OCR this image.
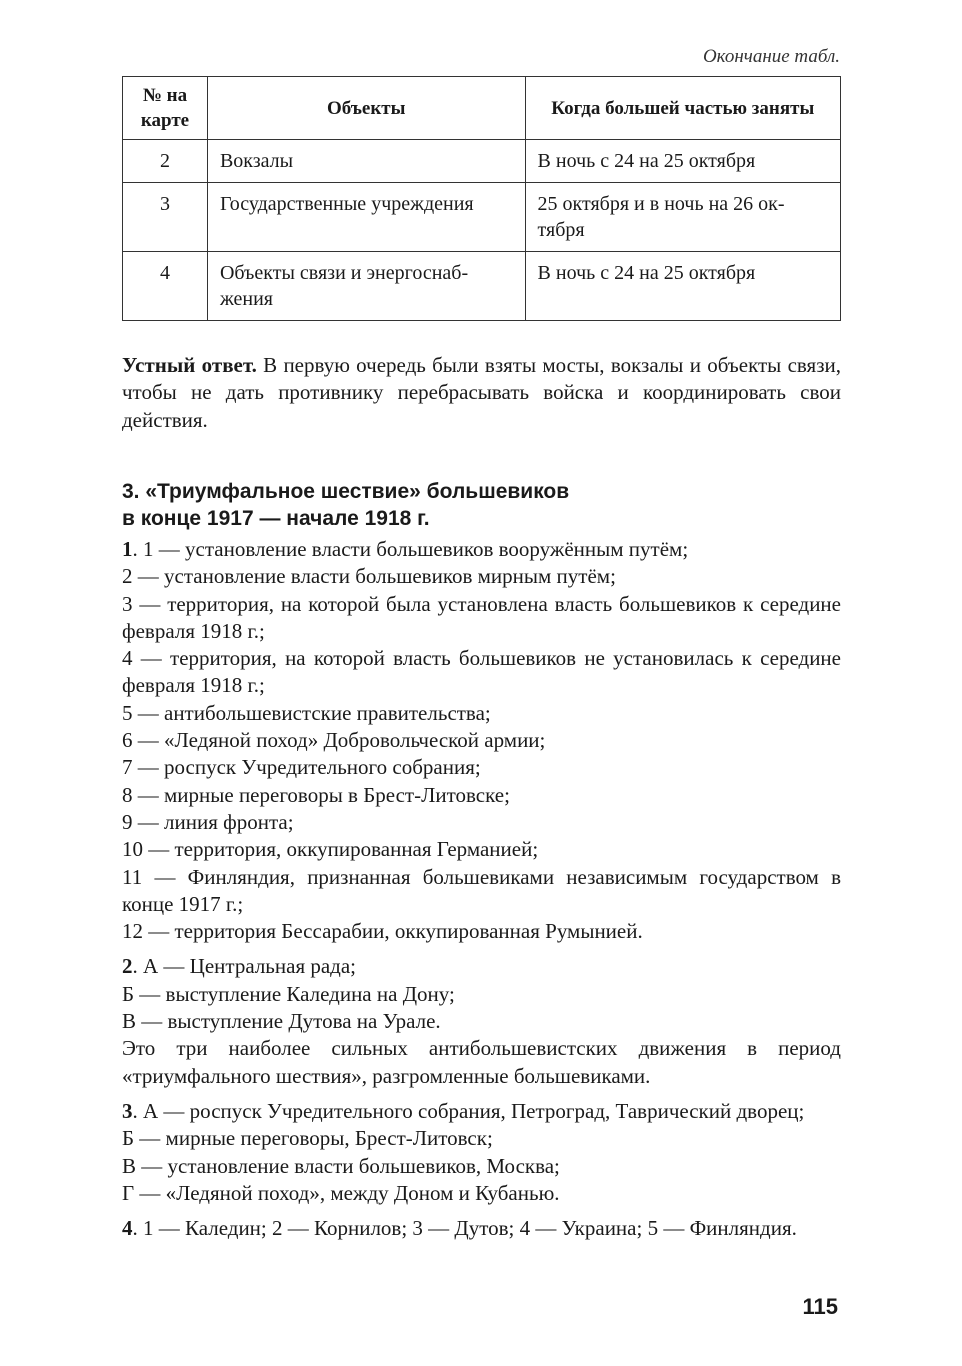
Окончание табл.
№ на карте	Объекты	Когда большей частью заняты
2	Вокзалы	В ночь с 24 на 25 октября
3	Государственные учреждения	25 октября и в ночь на 26 ок-тября
4	Объекты связи и энергоснаб-жения	В ночь с 24 на 25 октября

Устный ответ. В первую очередь были взяты мосты, вокзалы и объекты связи, чтобы не дать противнику перебрасывать войска и координировать свои действия.

3. «Триумфальное шествие» большевиков
в конце 1917 — начале 1918 г.

1. 1 — установление власти большевиков вооружённым путём;

2 — установление власти большевиков мирным путём;

3 — территория, на которой была установлена власть большевиков к середине февраля 1918 г.;

4 — территория, на которой власть большевиков не установилась к середине февраля 1918 г.;

5 — антибольшевистские правительства;

6 — «Ледяной поход» Добровольческой армии;

7 — роспуск Учредительного собрания;

8 — мирные переговоры в Брест-Литовске;

9 — линия фронта;

10 — территория, оккупированная Германией;

11 — Финляндия, признанная большевиками независимым государством в конце 1917 г.;

12 — территория Бессарабии, оккупированная Румынией.

2. А — Центральная рада;

Б — выступление Каледина на Дону;

В — выступление Дутова на Урале.

Это три наиболее сильных антибольшевистских движения в период «триумфального шествия», разгромленные большевиками.

3. А — роспуск Учредительного собрания, Петроград, Таврический дворец;

Б — мирные переговоры, Брест-Литовск;

В — установление власти большевиков, Москва;

Г — «Ледяной поход», между Доном и Кубанью.

4. 1 — Каледин; 2 — Корнилов; 3 — Дутов; 4 — Украина; 5 — Финляндия.

115
